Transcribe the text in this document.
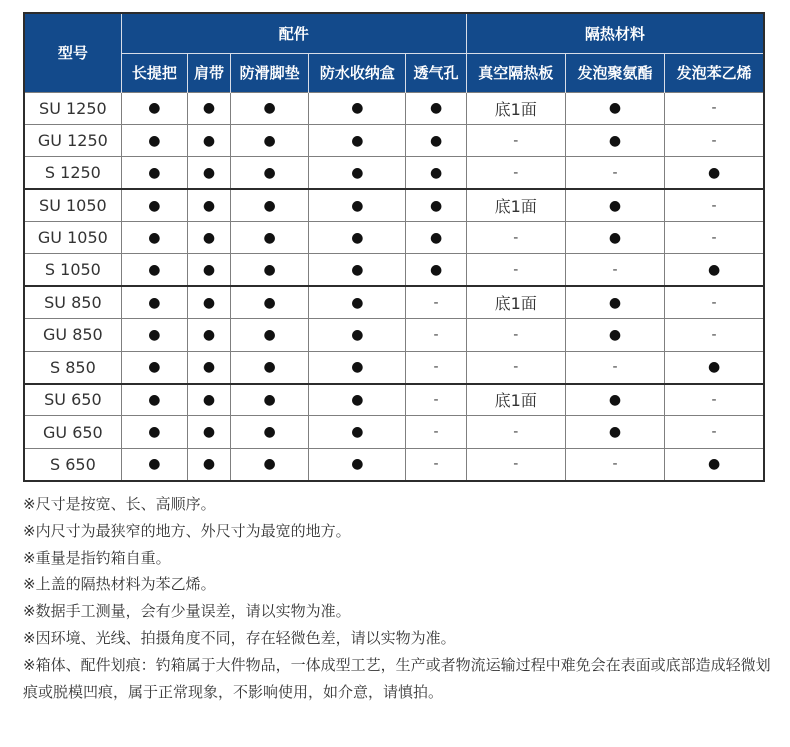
型号	配件					隔热材料		
	长提把	肩带	防滑脚垫	防水收纳盒	透气孔	真空隔热板	发泡聚氨酯	发泡苯乙烯
SU 1250	●	●	●	●	●	底1面	●	-
GU 1250	●	●	●	●	●	-	●	-
S 1250	●	●	●	●	●	-	-	●
SU 1050	●	●	●	●	●	底1面	●	-
GU 1050	●	●	●	●	●	-	●	-
S 1050	●	●	●	●	●	-	-	●
SU 850	●	●	●	●	-	底1面	●	-
GU 850	●	●	●	●	-	-	●	-
S 850	●	●	●	●	-	-	-	●
SU 650	●	●	●	●	-	底1面	●	-
GU 650	●	●	●	●	-	-	●	-
S 650	●	●	●	●	-	-	-	●

※尺寸是按宽、长、高顺序。

※内尺寸为最狭窄的地方、外尺寸为最宽的地方。

※重量是指钓箱自重。

※上盖的隔热材料为苯乙烯。

※数据手工测量，会有少量误差，请以实物为准。

※因环境、光线、拍摄角度不同，存在轻微色差，请以实物为准。

※箱体、配件划痕：钓箱属于大件物品，一体成型工艺，生产或者物流运输过程中难免会在表面或底部造成轻微划痕或脱模凹痕，属于正常现象，不影响使用，如介意，请慎拍。
